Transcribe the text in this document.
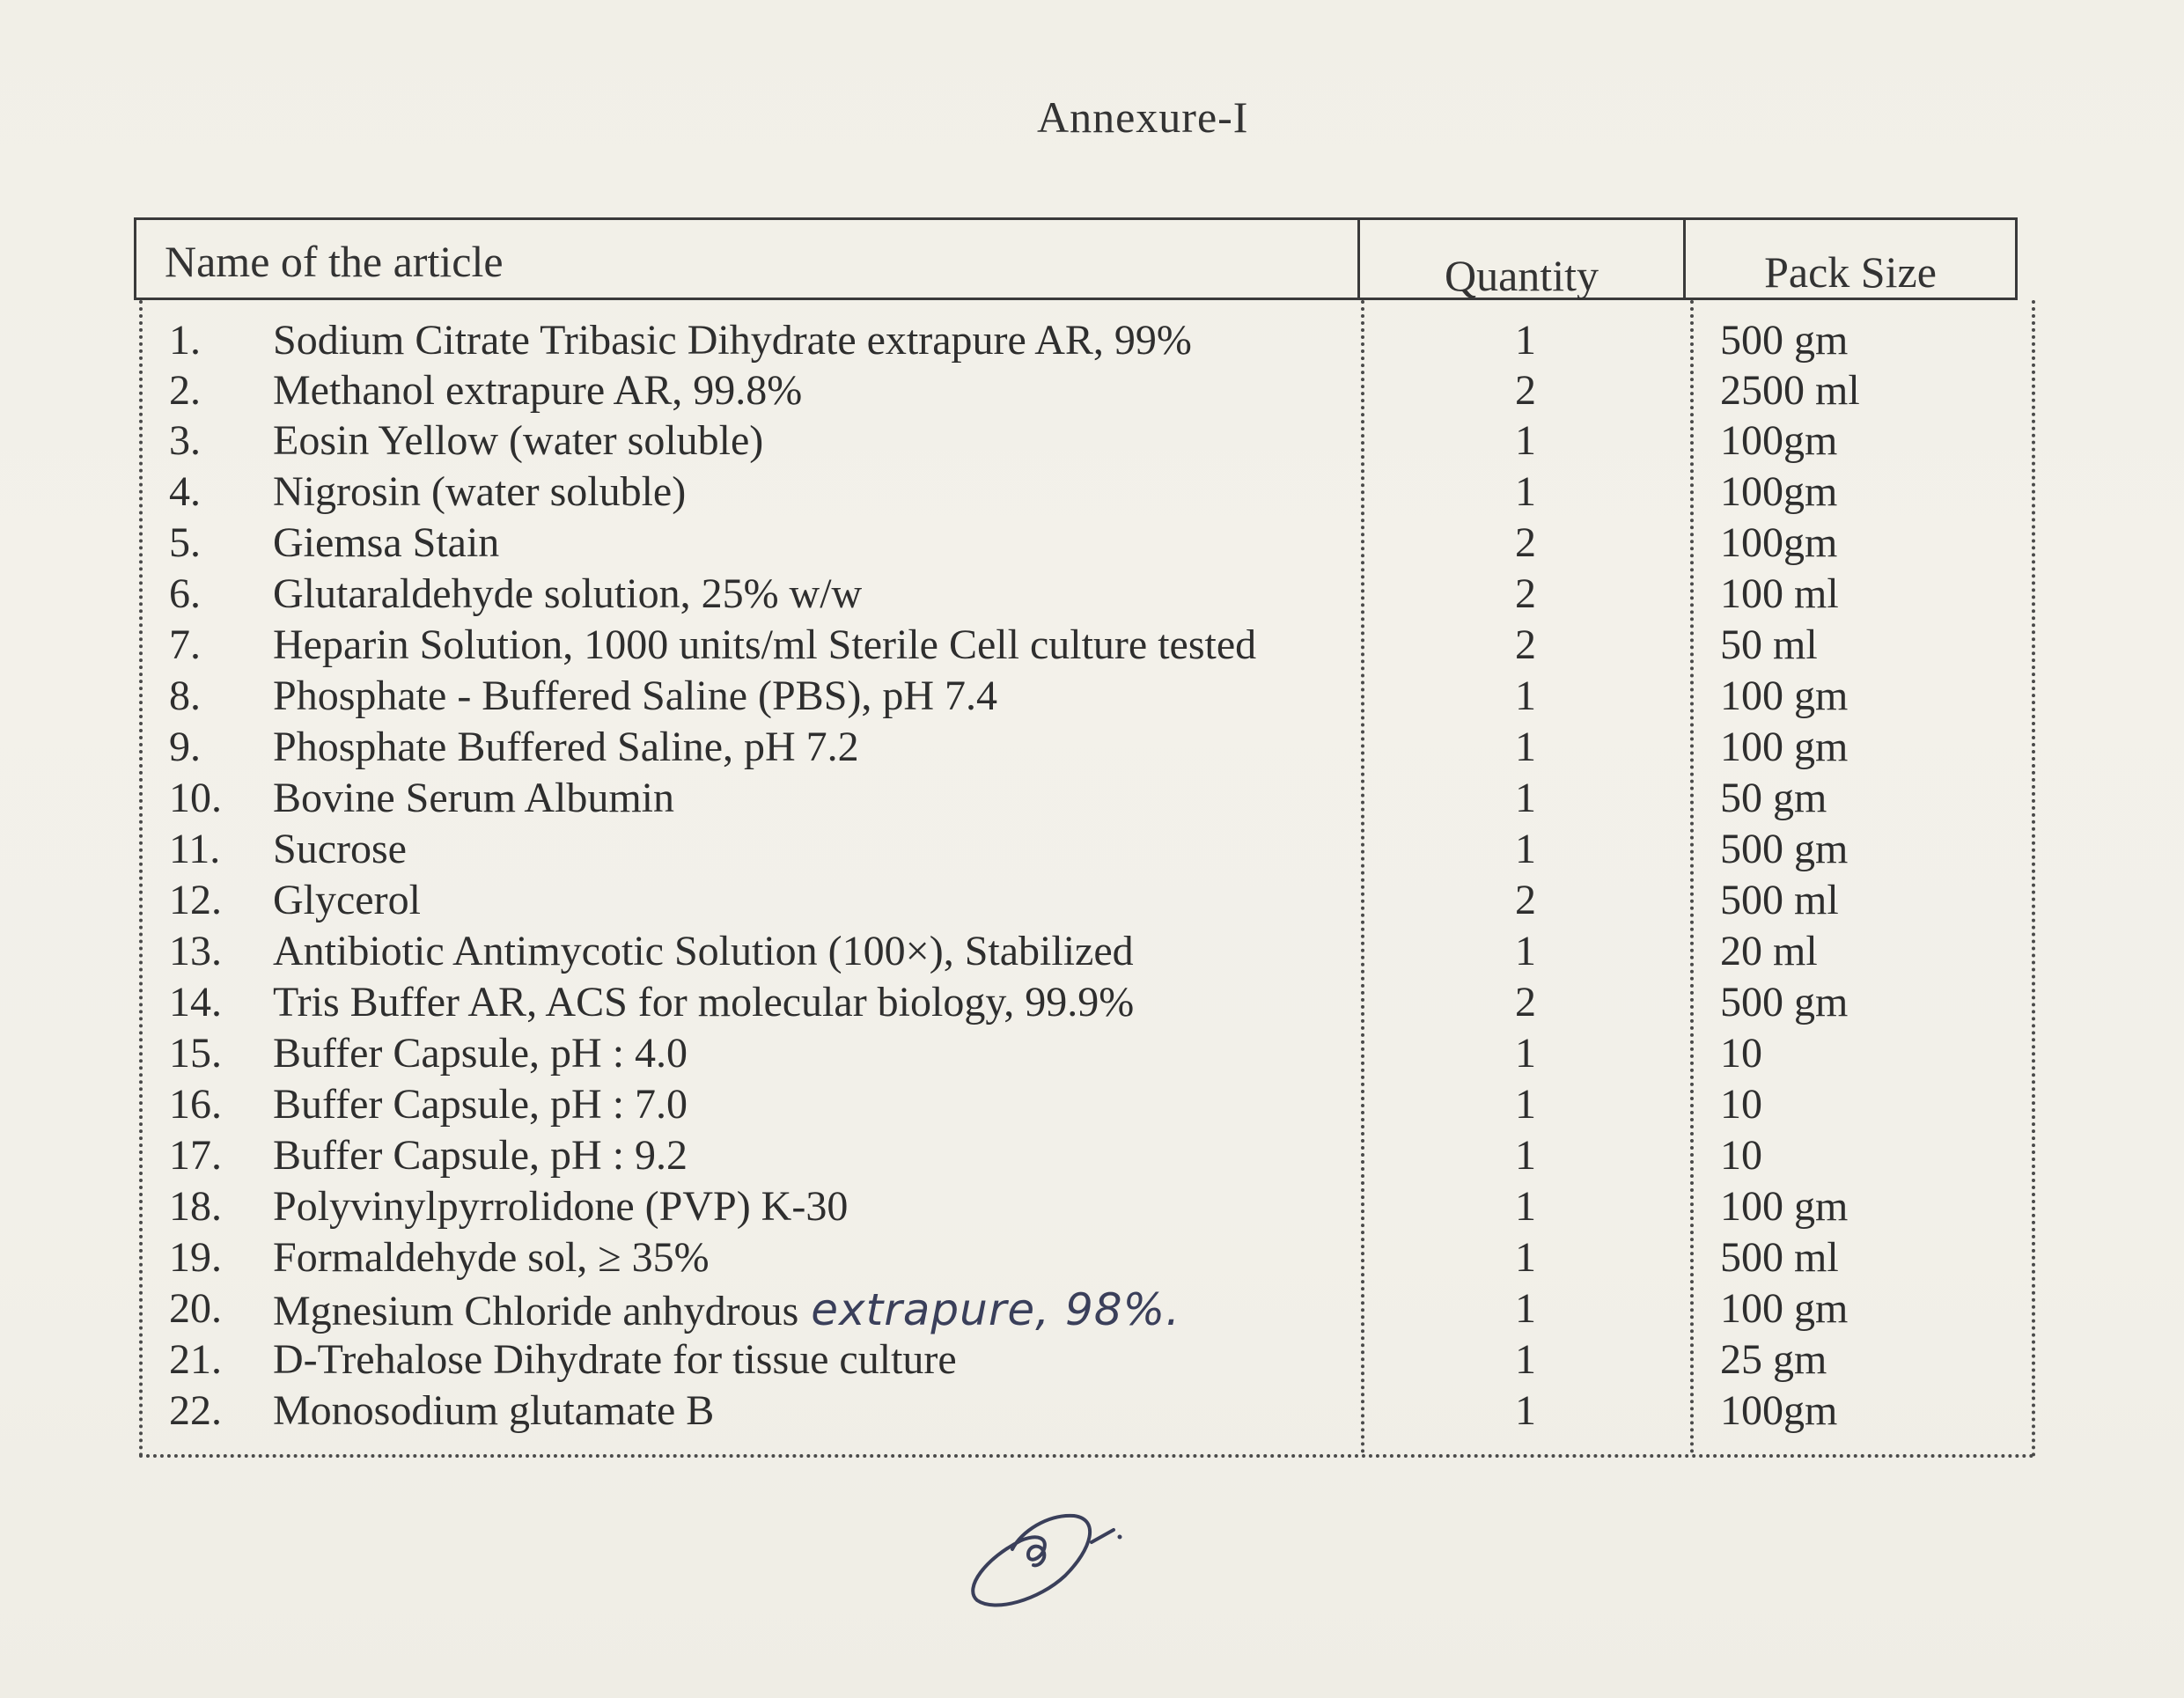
Annexure-I
Name of the article	Quantity	Pack Size
1.	Sodium Citrate Tribasic Dihydrate extrapure AR, 99%	1	500 gm
2.	Methanol extrapure AR, 99.8%	2	2500 ml
3.	Eosin Yellow (water soluble)	1	100gm
4.	Nigrosin (water soluble)	1	100gm
5.	Giemsa Stain	2	100gm
6.	Glutaraldehyde solution, 25% w/w	2	100 ml
7.	Heparin Solution, 1000 units/ml Sterile Cell culture tested	2	50 ml
8.	Phosphate - Buffered Saline (PBS), pH 7.4	1	100 gm
9.	Phosphate Buffered Saline, pH 7.2	1	100 gm
10.	Bovine Serum Albumin	1	50 gm
11.	Sucrose	1	500 gm
12.	Glycerol	2	500 ml
13.	Antibiotic Antimycotic Solution (100×), Stabilized	1	20 ml
14.	Tris Buffer AR, ACS for molecular biology, 99.9%	2	500 gm
15.	Buffer Capsule, pH : 4.0	1	10
16.	Buffer Capsule, pH : 7.0	1	10
17.	Buffer Capsule, pH : 9.2	1	10
18.	Polyvinylpyrrolidone (PVP) K-30	1	100 gm
19.	Formaldehyde sol, ≥ 35%	1	500 ml
20.	Mgnesium Chloride anhydrous extrapure, 98%.	1	100 gm
21.	D-Trehalose Dihydrate for tissue culture	1	25 gm
22.	Monosodium glutamate B	1	100gm
